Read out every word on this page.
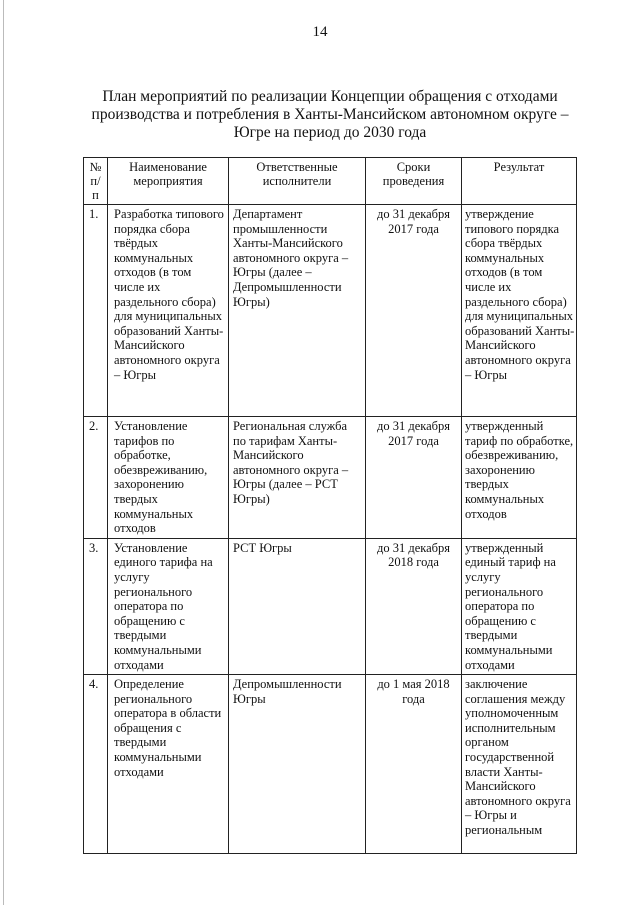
14
План мероприятий по реализации Концепции обращения с отходами
производства и потребления в Ханты-Мансийском автономном округе –
Югре на период до 2030 года
№ п/п	Наименование мероприятия	Ответственные исполнители	Сроки проведения	Результат
1.	Разработка типового порядка сбора твёрдых коммунальных отходов (в том числе их раздельного сбора) для муниципальных образований Ханты-Мансийского автономного округа – Югры	Департамент промышленности Ханты-Мансийского автономного округа – Югры (далее – Депромышленности Югры)	до 31 декабря 2017 года	утверждение типового порядка сбора твёрдых коммунальных отходов (в том числе их раздельного сбора) для муниципальных образований Ханты-Мансийского автономного округа – Югры
2.	Установление тарифов по обработке, обезвреживанию, захоронению твердых коммунальных отходов	Региональная служба по тарифам Ханты-Мансийского автономного округа – Югры (далее – РСТ Югры)	до 31 декабря 2017 года	утвержденный тариф по обработке, обезвреживанию, захоронению твердых коммунальных отходов
3.	Установление единого тарифа на услугу регионального оператора по обращению с твердыми коммунальными отходами	РСТ Югры	до 31 декабря 2018 года	утвержденный единый тариф на услугу регионального оператора по обращению с твердыми коммунальными отходами
4.	Определение регионального оператора в области обращения с твердыми коммунальными отходами	Депромышленности Югры	до 1 мая 2018 года	заключение соглашения между уполномоченным исполнительным органом государственной власти Ханты-Мансийского автономного округа – Югры и региональным
